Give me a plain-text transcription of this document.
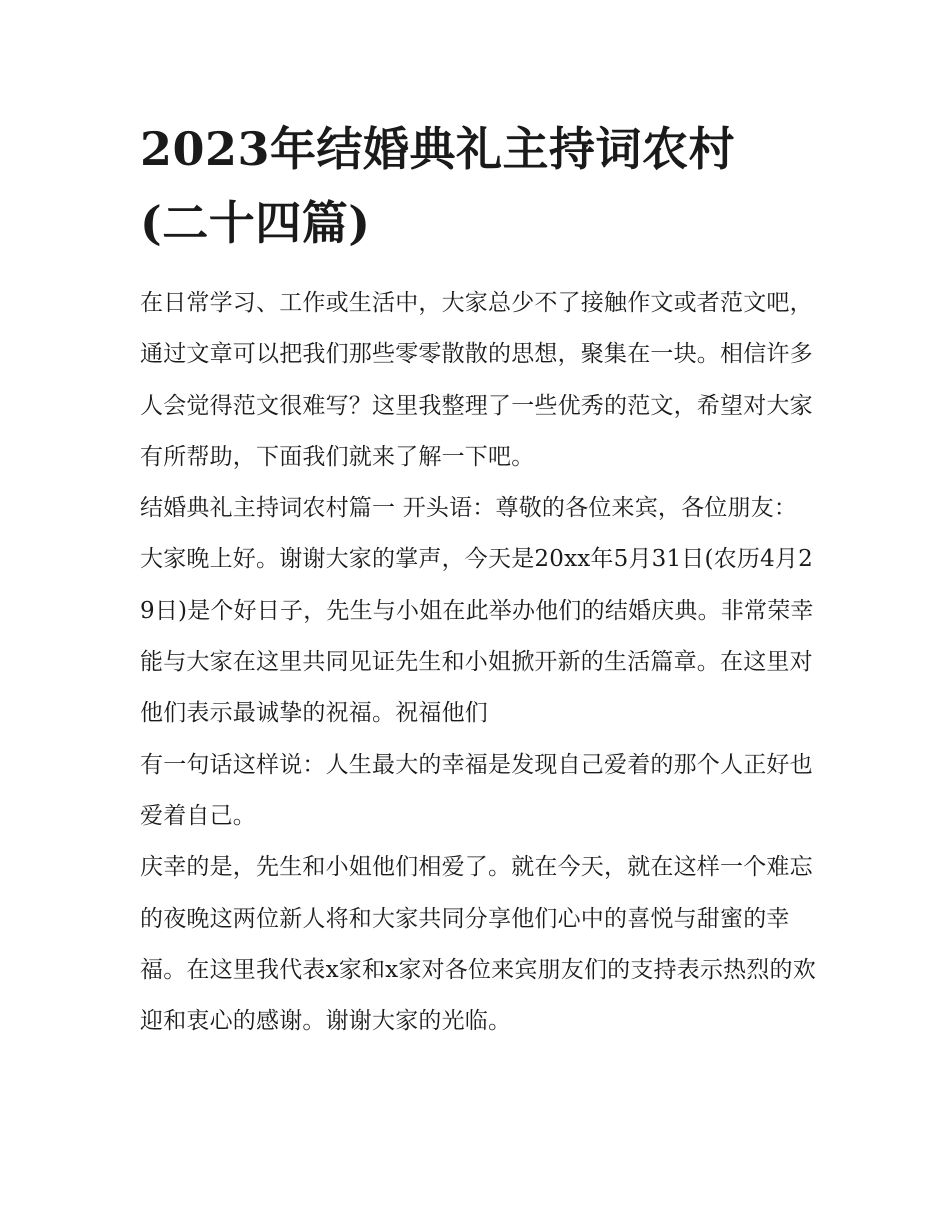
2023年结婚典礼主持词农村
(二十四篇)

在日常学习、工作或生活中，大家总少不了接触作文或者范文吧，通过文章可以把我们那些零零散散的思想，聚集在一块。相信许多人会觉得范文很难写？这里我整理了一些优秀的范文，希望对大家有所帮助，下面我们就来了解一下吧。

结婚典礼主持词农村篇一 开头语：尊敬的各位来宾，各位朋友：

大家晚上好。谢谢大家的掌声，今天是20xx年5月31日(农历4月29日)是个好日子，先生与小姐在此举办他们的结婚庆典。非常荣幸能与大家在这里共同见证先生和小姐掀开新的生活篇章。在这里对他们表示最诚挚的祝福。祝福他们

有一句话这样说：人生最大的幸福是发现自己爱着的那个人正好也爱着自己。

庆幸的是，先生和小姐他们相爱了。就在今天，就在这样一个难忘的夜晚这两位新人将和大家共同分享他们心中的喜悦与甜蜜的幸福。在这里我代表x家和x家对各位来宾朋友们的支持表示热烈的欢迎和衷心的感谢。谢谢大家的光临。
